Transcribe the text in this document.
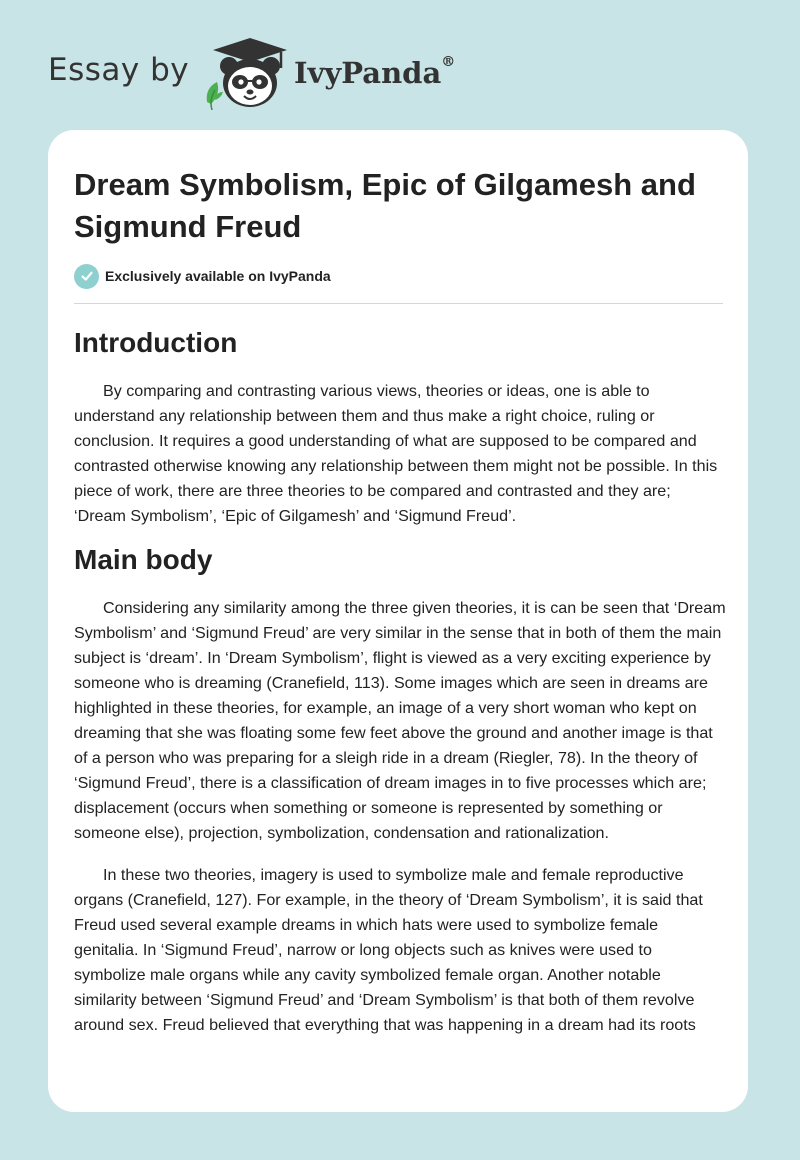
Essay by	IvyPanda®
Dream Symbolism, Epic of Gilgamesh and Sigmund Freud
Exclusively available on IvyPanda
Introduction

By comparing and contrasting various views, theories or ideas, one is able to understand any relationship between them and thus make a right choice, ruling or conclusion. It requires a good understanding of what are supposed to be compared and contrasted otherwise knowing any relationship between them might not be possible. In this piece of work, there are three theories to be compared and contrasted and they are; ‘Dream Symbolism’, ‘Epic of Gilgamesh’ and ‘Sigmund Freud’.

Main body

Considering any similarity among the three given theories, it is can be seen that ‘Dream Symbolism’ and ‘Sigmund Freud’ are very similar in the sense that in both of them the main subject is ‘dream’. In ‘Dream Symbolism’, flight is viewed as a very exciting experience by someone who is dreaming (Cranefield, 113). Some images which are seen in dreams are highlighted in these theories, for example, an image of a very short woman who kept on dreaming that she was floating some few feet above the ground and another image is that of a person who was preparing for a sleigh ride in a dream (Riegler, 78). In the theory of ‘Sigmund Freud’, there is a classification of dream images in to five processes which are; displacement (occurs when something or someone is represented by something or someone else), projection, symbolization, condensation and rationalization.

In these two theories, imagery is used to symbolize male and female reproductive organs (Cranefield, 127). For example, in the theory of ‘Dream Symbolism’, it is said that Freud used several example dreams in which hats were used to symbolize female genitalia. In ‘Sigmund Freud’, narrow or long objects such as knives were used to symbolize male organs while any cavity symbolized female organ. Another notable similarity between ‘Sigmund Freud’ and ‘Dream Symbolism’ is that both of them revolve around sex. Freud believed that everything that was happening in a dream had its roots
